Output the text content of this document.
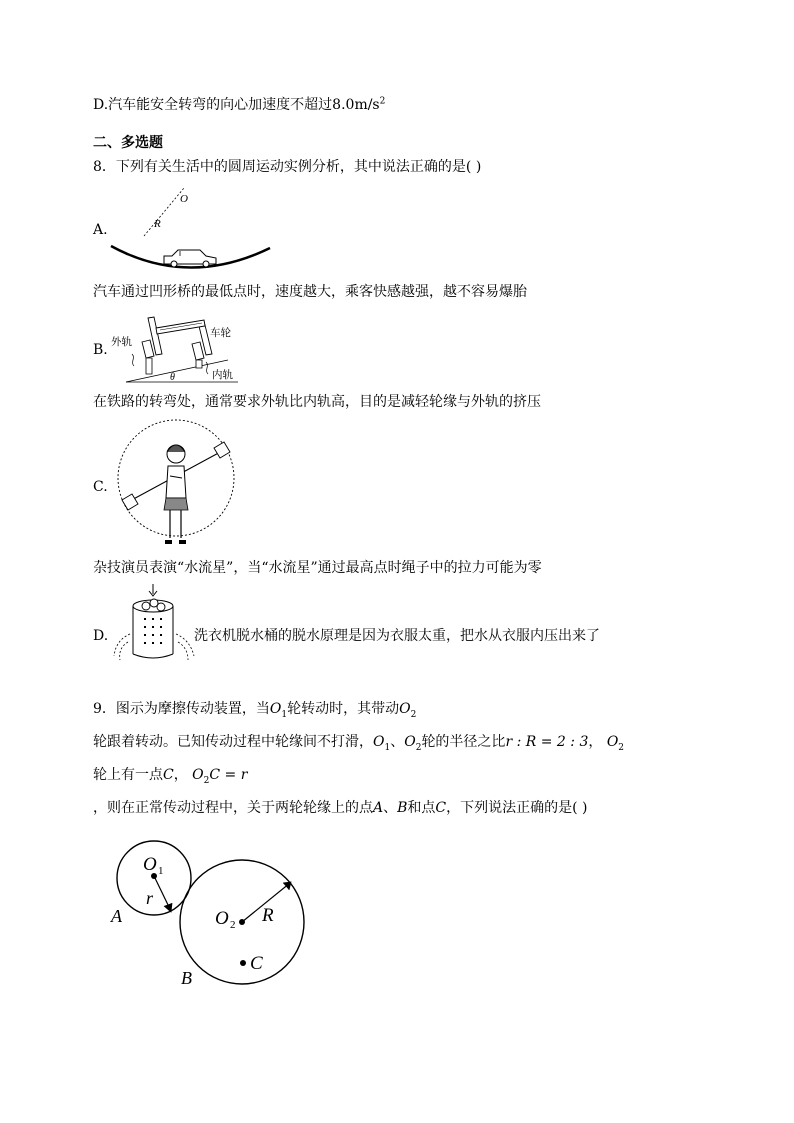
D.汽车能安全转弯的向心加速度不超过$8.0m/s^2$
二、多选题
8．下列有关生活中的圆周运动实例分析，其中说法正确的是( )
A.
O
R
汽车通过凹形桥的最低点时，速度越大，乘客快感越强，越不容易爆胎
B. 外轨
车轮
内轨
θ
在铁路的转弯处，通常要求外轨比内轨高，目的是减轻轮缘与外轨的挤压
C.
杂技演员表演“水流星”，当“水流星”通过最高点时绳子中的拉力可能为零
D.	洗衣机脱水桶的脱水原理是因为衣服太重，把水从衣服内压出来了
9．图示为摩擦传动装置，当$O_1$轮转动时，其带动$O_2$
轮跟着转动。已知传动过程中轮缘间不打滑，$O_1$、$O_2$轮的半径之比r : R = 2 : 3， $O_2$
轮上有一点C， $O_2C = r$
，则在正常传动过程中，关于两轮轮缘上的点A、B和点C，下列说法正确的是( )
O 1
r
A	O 2 R
C
B
